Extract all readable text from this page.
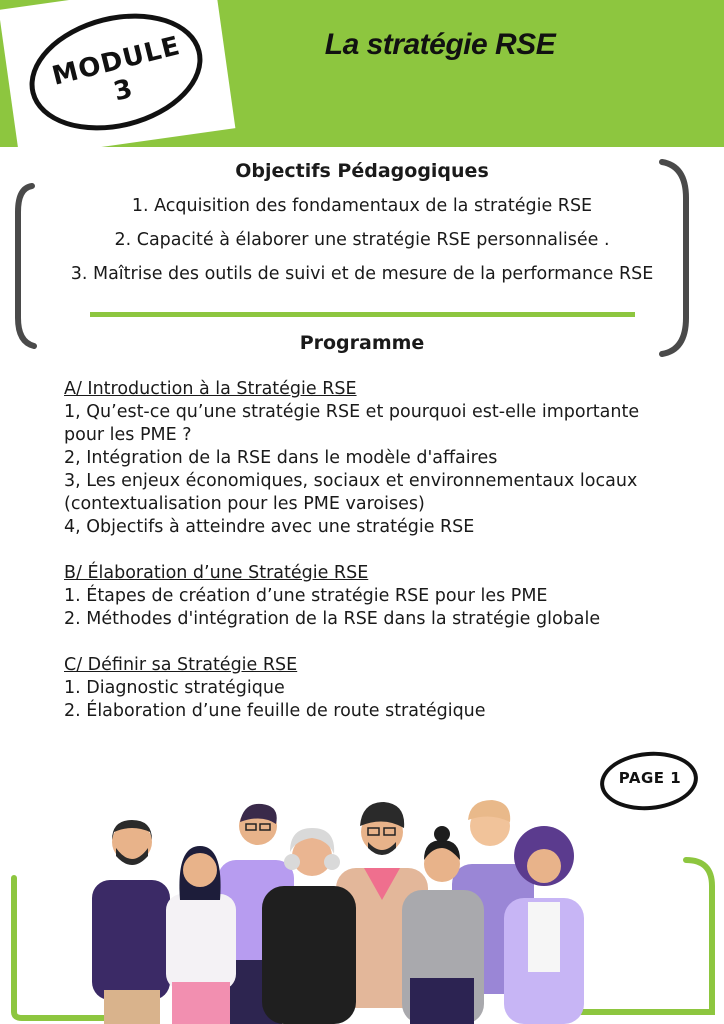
MODULE 3
La stratégie RSE
Objectifs Pédagogiques
1. Acquisition des fondamentaux de la stratégie RSE
2. Capacité à élaborer une stratégie RSE personnalisée .
3. Maîtrise des outils de suivi et de mesure de la performance RSE
Programme
A/ Introduction à la Stratégie RSE
1, Qu’est-ce qu’une stratégie RSE et pourquoi est-elle importante pour les PME ?
2, Intégration de la RSE dans le modèle d'affaires
3, Les enjeux économiques, sociaux et environnementaux locaux (contextualisation pour les PME varoises)
4, Objectifs à atteindre avec une stratégie RSE
B/ Élaboration d’une Stratégie RSE
1. Étapes de création d’une stratégie RSE pour les PME
2. Méthodes d'intégration de la RSE dans la stratégie globale
C/ Définir sa Stratégie RSE
1. Diagnostic stratégique
2. Élaboration d’une feuille de route stratégique
PAGE 1
